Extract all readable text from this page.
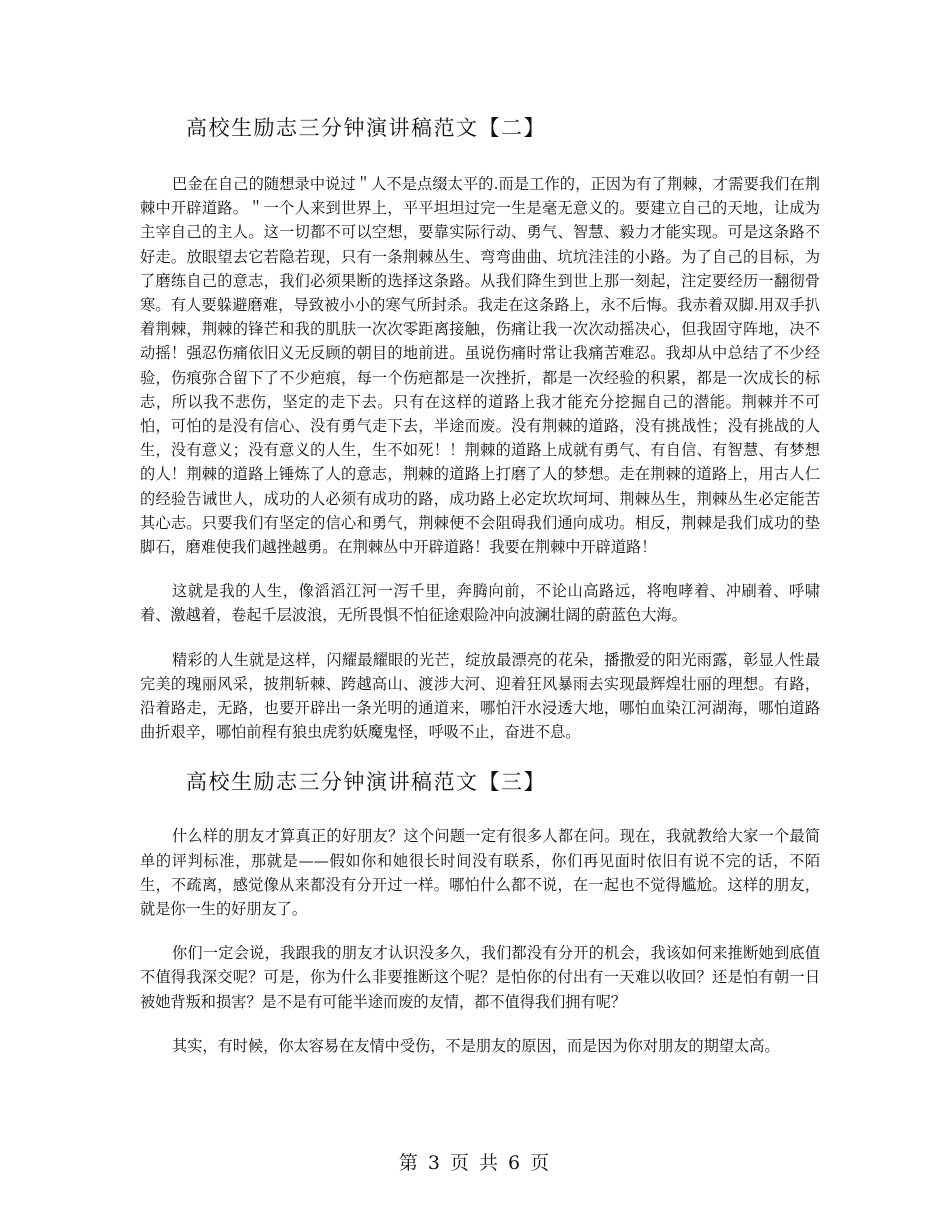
高校生励志三分钟演讲稿范文【二】

巴金在自己的随想录中说过＂人不是点缀太平的.而是工作的，正因为有了荆棘，才需要我们在荆棘中开辟道路。＂一个人来到世界上，平平坦坦过完一生是毫无意义的。要建立自己的天地，让成为主宰自己的主人。这一切都不可以空想，要靠实际行动、勇气、智慧、毅力才能实现。可是这条路不好走。放眼望去它若隐若现，只有一条荆棘丛生、弯弯曲曲、坑坑洼洼的小路。为了自己的目标，为了磨练自己的意志，我们必须果断的选择这条路。从我们降生到世上那一刻起，注定要经历一翻彻骨寒。有人要躲避磨难，导致被小小的寒气所封杀。我走在这条路上，永不后悔。我赤着双脚.用双手扒着荆棘，荆棘的锋芒和我的肌肤一次次零距离接触，伤痛让我一次次动摇决心，但我固守阵地，决不动摇！强忍伤痛依旧义无反顾的朝目的地前进。虽说伤痛时常让我痛苦难忍。我却从中总结了不少经验，伤痕弥合留下了不少疤痕，每一个伤疤都是一次挫折，都是一次经验的积累，都是一次成长的标志，所以我不悲伤，坚定的走下去。只有在这样的道路上我才能充分挖掘自己的潜能。荆棘并不可怕，可怕的是没有信心、没有勇气走下去，半途而废。没有荆棘的道路，没有挑战性；没有挑战的人生，没有意义；没有意义的人生，生不如死！！荆棘的道路上成就有勇气、有自信、有智慧、有梦想的人！荆棘的道路上锤炼了人的意志，荆棘的道路上打磨了人的梦想。走在荆棘的道路上，用古人仁的经验告诫世人，成功的人必须有成功的路，成功路上必定坎坎坷坷、荆棘丛生，荆棘丛生必定能苦其心志。只要我们有坚定的信心和勇气，荆棘便不会阻碍我们通向成功。相反，荆棘是我们成功的垫脚石，磨难使我们越挫越勇。在荆棘丛中开辟道路！我要在荆棘中开辟道路！

这就是我的人生，像滔滔江河一泻千里，奔腾向前，不论山高路远，将咆哮着、冲刷着、呼啸着、激越着，卷起千层波浪，无所畏惧不怕征途艰险冲向波澜壮阔的蔚蓝色大海。

精彩的人生就是这样，闪耀最耀眼的光芒，绽放最漂亮的花朵，播撒爱的阳光雨露，彰显人性最完美的瑰丽风采，披荆斩棘、跨越高山、渡涉大河、迎着狂风暴雨去实现最辉煌壮丽的理想。有路，沿着路走，无路，也要开辟出一条光明的通道来，哪怕汗水浸透大地，哪怕血染江河湖海，哪怕道路曲折艰辛，哪怕前程有狼虫虎豹妖魔鬼怪，呼吸不止，奋进不息。

高校生励志三分钟演讲稿范文【三】

什么样的朋友才算真正的好朋友？这个问题一定有很多人都在问。现在，我就教给大家一个最简单的评判标准，那就是——假如你和她很长时间没有联系，你们再见面时依旧有说不完的话，不陌生，不疏离，感觉像从来都没有分开过一样。哪怕什么都不说，在一起也不觉得尴尬。这样的朋友，就是你一生的好朋友了。

你们一定会说，我跟我的朋友才认识没多久，我们都没有分开的机会，我该如何来推断她到底值不值得我深交呢？可是，你为什么非要推断这个呢？是怕你的付出有一天难以收回？还是怕有朝一日被她背叛和损害？是不是有可能半途而废的友情，都不值得我们拥有呢？

其实，有时候，你太容易在友情中受伤，不是朋友的原因，而是因为你对朋友的期望太高。

第 3 页 共 6 页
